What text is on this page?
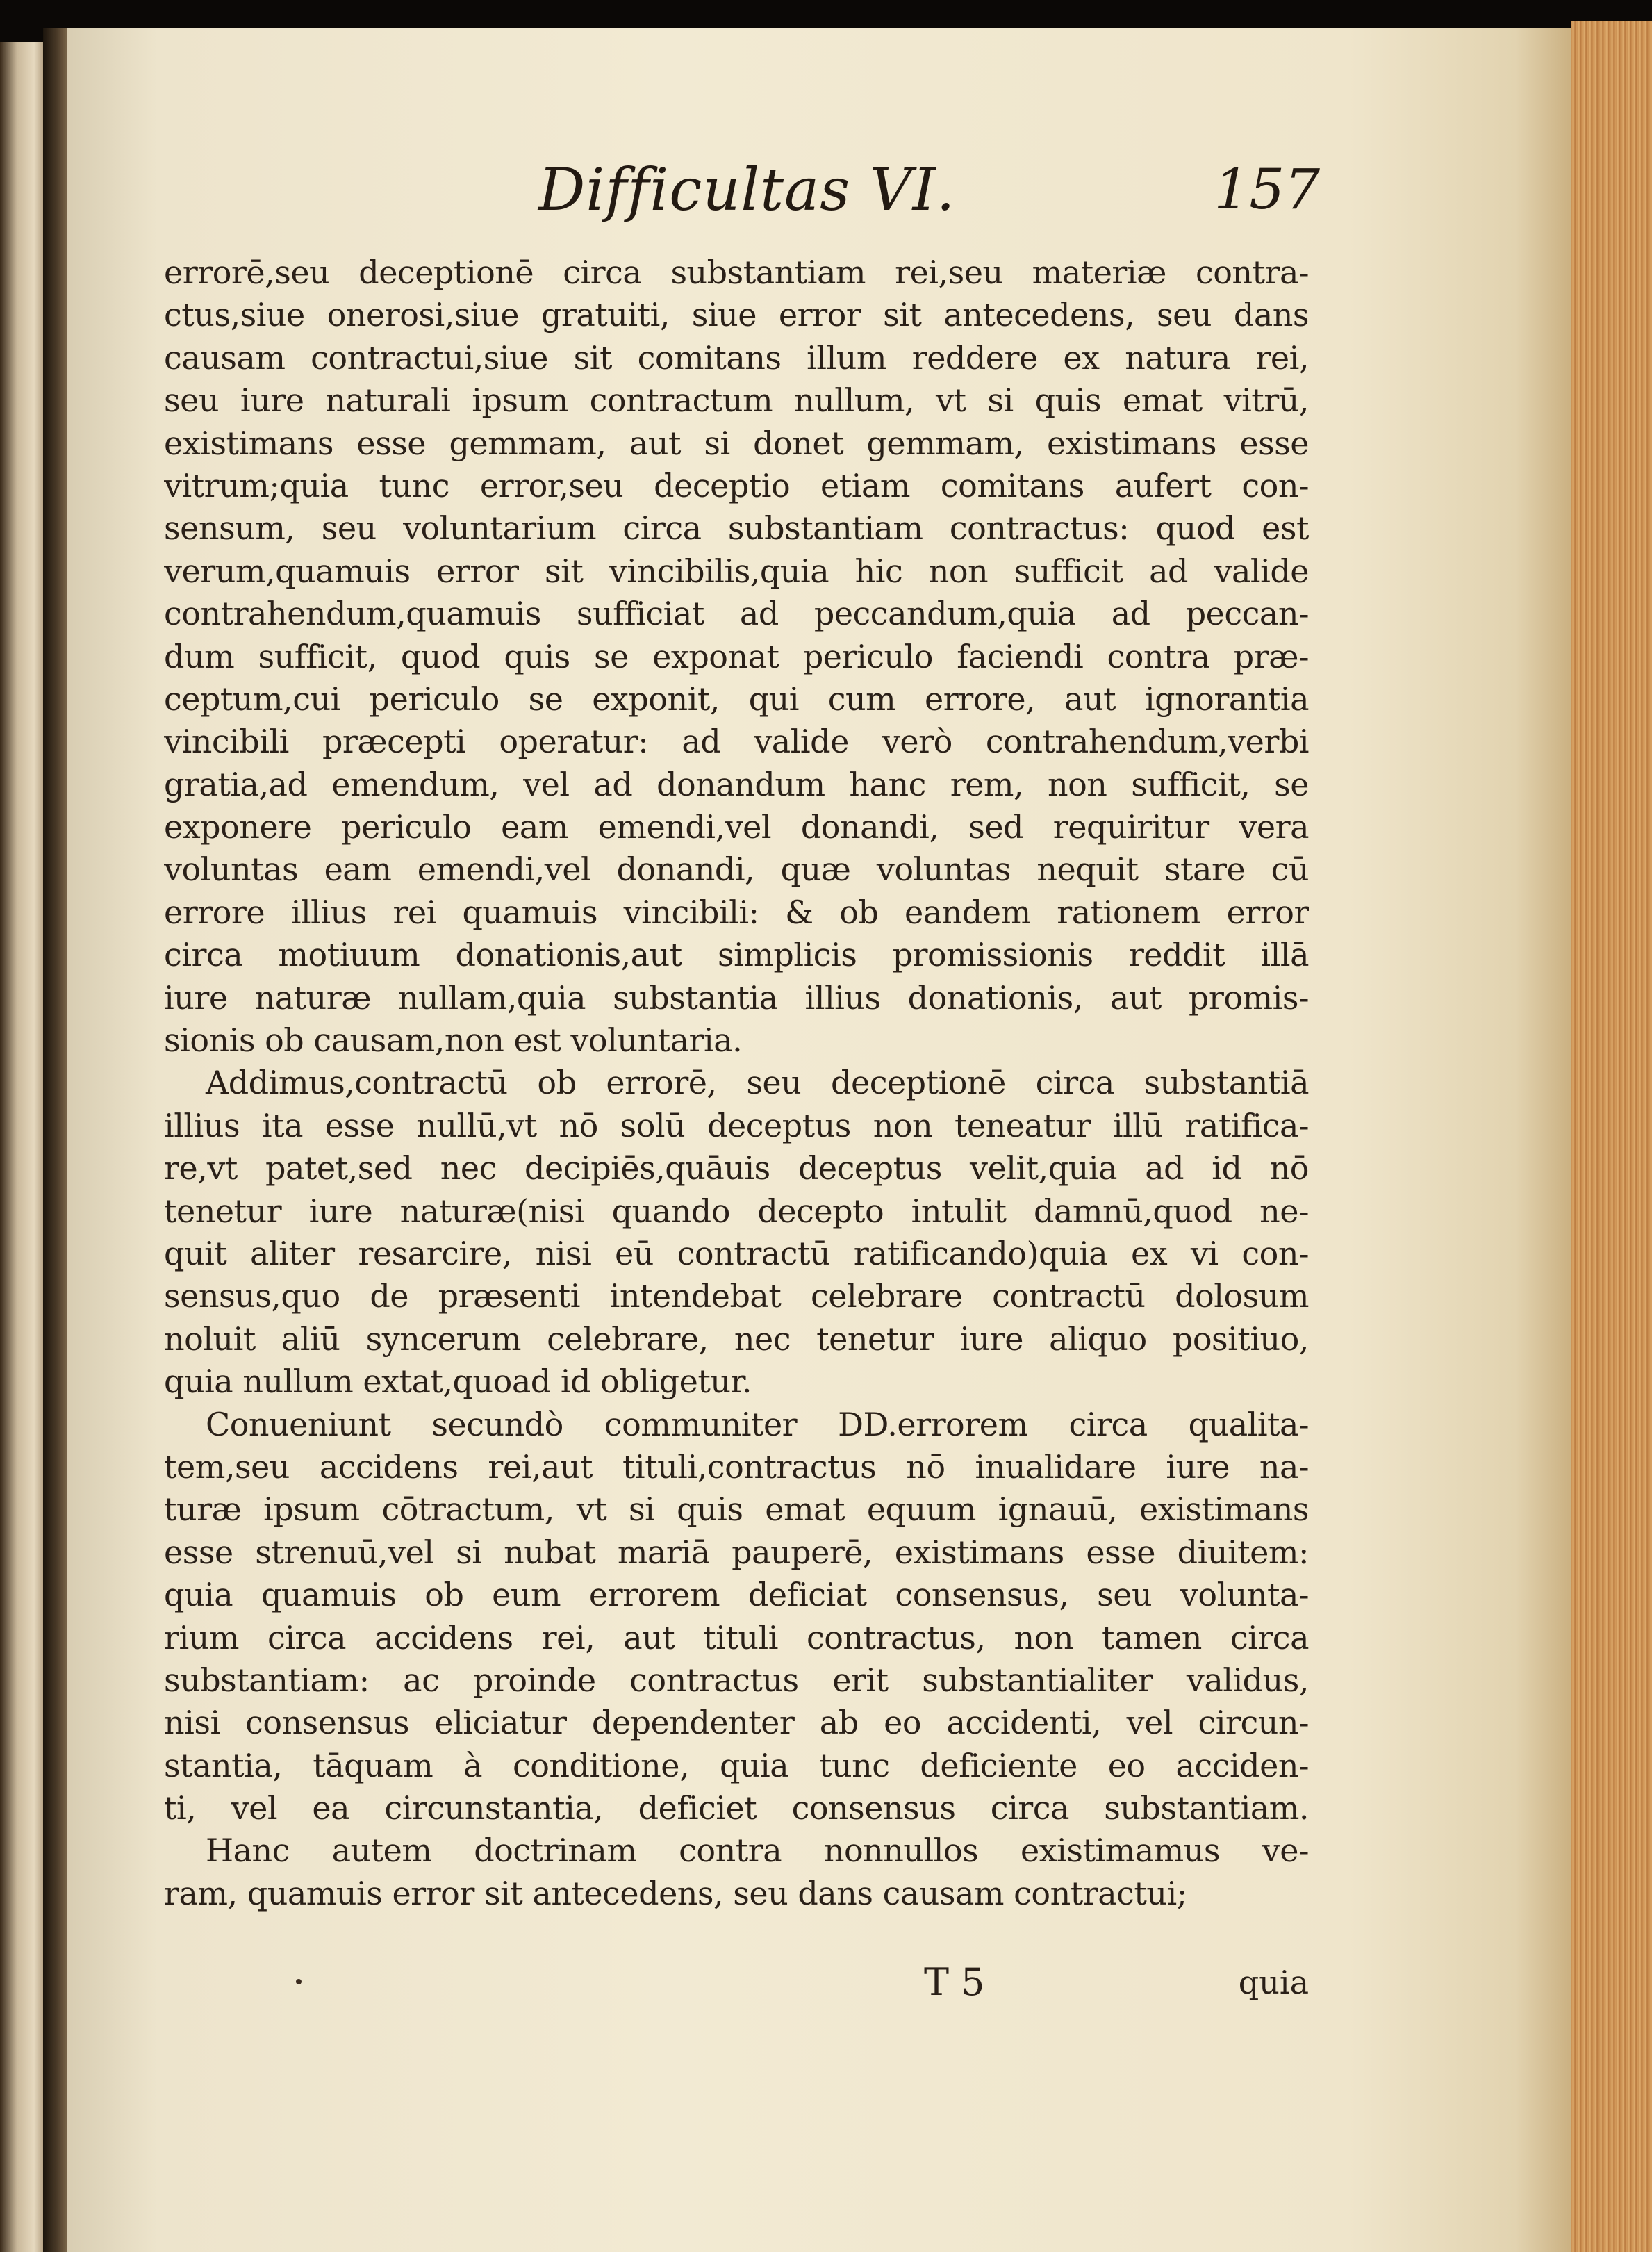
Difficultas VI.	157
errorē,seu deceptionē circa substantiam rei,seu materiæ contra-
ctus,siue onerosi,siue gratuiti, siue error sit antecedens, seu dans
causam contractui,siue sit comitans illum reddere ex natura rei,
seu iure naturali ipsum contractum nullum, vt si quis emat vitrū,
existimans esse gemmam, aut si donet gemmam, existimans esse
vitrum;quia tunc error,seu deceptio etiam comitans aufert con-
sensum, seu voluntarium circa substantiam contractus: quod est
verum,quamuis error sit vincibilis,quia hic non sufficit ad valide
contrahendum,quamuis sufficiat ad peccandum,quia ad peccan-
dum sufficit, quod quis se exponat periculo faciendi contra præ-
ceptum,cui periculo se exponit, qui cum errore, aut ignorantia
vincibili præcepti operatur: ad valide verò contrahendum,verbi
gratia,ad emendum, vel ad donandum hanc rem, non sufficit, se
exponere periculo eam emendi,vel donandi, sed requiritur vera
voluntas eam emendi,vel donandi, quæ voluntas nequit stare cū
errore illius rei quamuis vincibili: & ob eandem rationem error
circa motiuum donationis,aut simplicis promissionis reddit illā
iure naturæ nullam,quia substantia illius donationis, aut promis-
sionis ob causam,non est voluntaria.
Addimus,contractū ob errorē, seu deceptionē circa substantiā
illius ita esse nullū,vt nō solū deceptus non teneatur illū ratifica-
re,vt patet,sed nec decipiēs,quāuis deceptus velit,quia ad id nō
tenetur iure naturæ(nisi quando decepto intulit damnū,quod ne-
quit aliter resarcire, nisi eū contractū ratificando)quia ex vi con-
sensus,quo de præsenti intendebat celebrare contractū dolosum
noluit aliū syncerum celebrare, nec tenetur iure aliquo positiuo,
quia nullum extat,quoad id obligetur.
Conueniunt secundò communiter DD.errorem circa qualita-
tem,seu accidens rei,aut tituli,contractus nō inualidare iure na-
turæ ipsum cōtractum, vt si quis emat equum ignauū, existimans
esse strenuū,vel si nubat mariā pauperē, existimans esse diuitem:
quia quamuis ob eum errorem deficiat consensus, seu volunta-
rium circa accidens rei, aut tituli contractus, non tamen circa
substantiam: ac proinde contractus erit substantialiter validus,
nisi consensus eliciatur dependenter ab eo accidenti, vel circun-
stantia, tāquam à conditione, quia tunc deficiente eo acciden-
ti, vel ea circunstantia, deficiet consensus circa substantiam.
Hanc autem doctrinam contra nonnullos existimamus ve-
ram, quamuis error sit antecedens, seu dans causam contractui;
T 5	quia
